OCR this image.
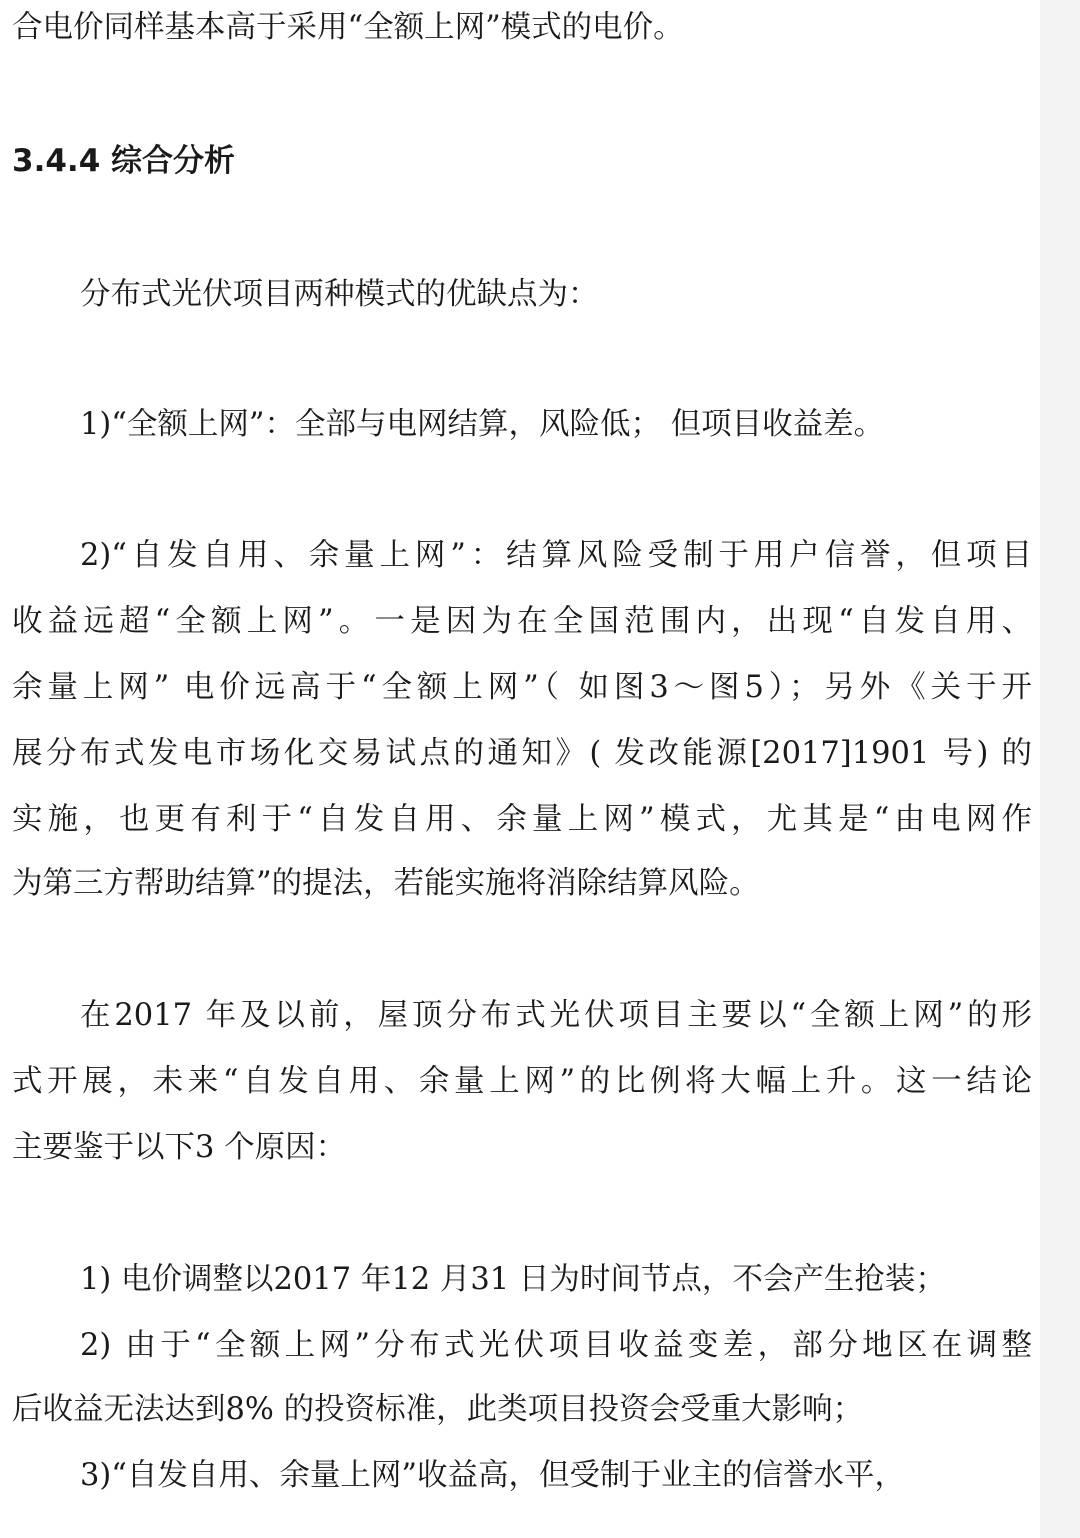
合电价同样基本高于采用“全额上网”模式的电价。
3.4.4 综合分析
分布式光伏项目两种模式的优缺点为：
1)“全额上网”：全部与电网结算，风险低； 但项目收益差。
2)“自发自用、余量上网”：结算风险受制于用户信誉，但项目
收益远超“全额上网”。一是因为在全国范围内，出现“自发自用、
余量上网” 电价远高于“全额上网”（ 如图3～图5）；另外《关于开
展分布式发电市场化交易试点的通知》( 发改能源[2017]1901 号) 的
实施，也更有利于“自发自用、余量上网”模式，尤其是“由电网作
为第三方帮助结算”的提法，若能实施将消除结算风险。
在2017 年及以前，屋顶分布式光伏项目主要以“全额上网”的形
式开展，未来“自发自用、余量上网”的比例将大幅上升。这一结论
主要鉴于以下3 个原因：
1) 电价调整以2017 年12 月31 日为时间节点，不会产生抢装；
2) 由于“全额上网”分布式光伏项目收益变差，部分地区在调整
后收益无法达到8% 的投资标准，此类项目投资会受重大影响；
3)“自发自用、余量上网”收益高，但受制于业主的信誉水平，
